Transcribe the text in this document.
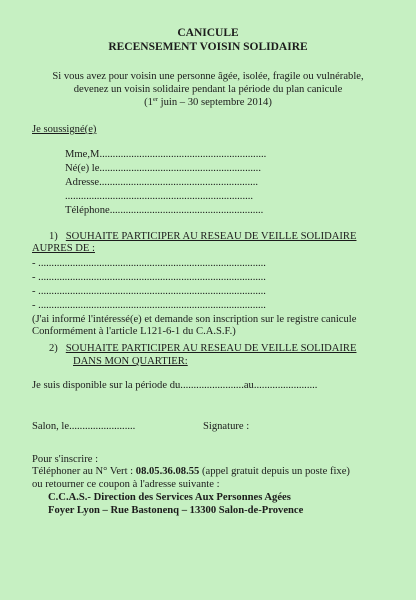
CANICULE
RECENSEMENT VOISIN SOLIDAIRE
Si vous avez pour voisin une personne âgée, isolée, fragile ou vulnérable,
devenez un voisin solidaire pendant la période du plan canicule
(1er juin – 30 septembre 2014)
Je soussigné(e)
Mme,M...............................................................
Né(e) le.............................................................
Adresse............................................................
.......................................................................
Téléphone..........................................................
1) SOUHAITE PARTICIPER AU RESEAU DE VEILLE SOLIDAIRE
AUPRES DE :
- ......................................................................................
- ......................................................................................
- ......................................................................................
- ......................................................................................
(J'ai informé l'intéressé(e) et demande son inscription sur le registre canicule
Conformément à l'article L121-6-1 du C.A.S.F.)
2) SOUHAITE PARTICIPER AU RESEAU DE VEILLE SOLIDAIRE
DANS MON QUARTIER:
Je suis disponible sur la période du........................au........................
Salon, le.........................	Signature :
Pour s'inscrire :
Téléphoner au N° Vert : 08.05.36.08.55 (appel gratuit depuis un poste fixe)
ou retourner ce coupon à l'adresse suivante :
C.C.A.S.- Direction des Services Aux Personnes Agées
Foyer Lyon – Rue Bastonenq – 13300 Salon-de-Provence
